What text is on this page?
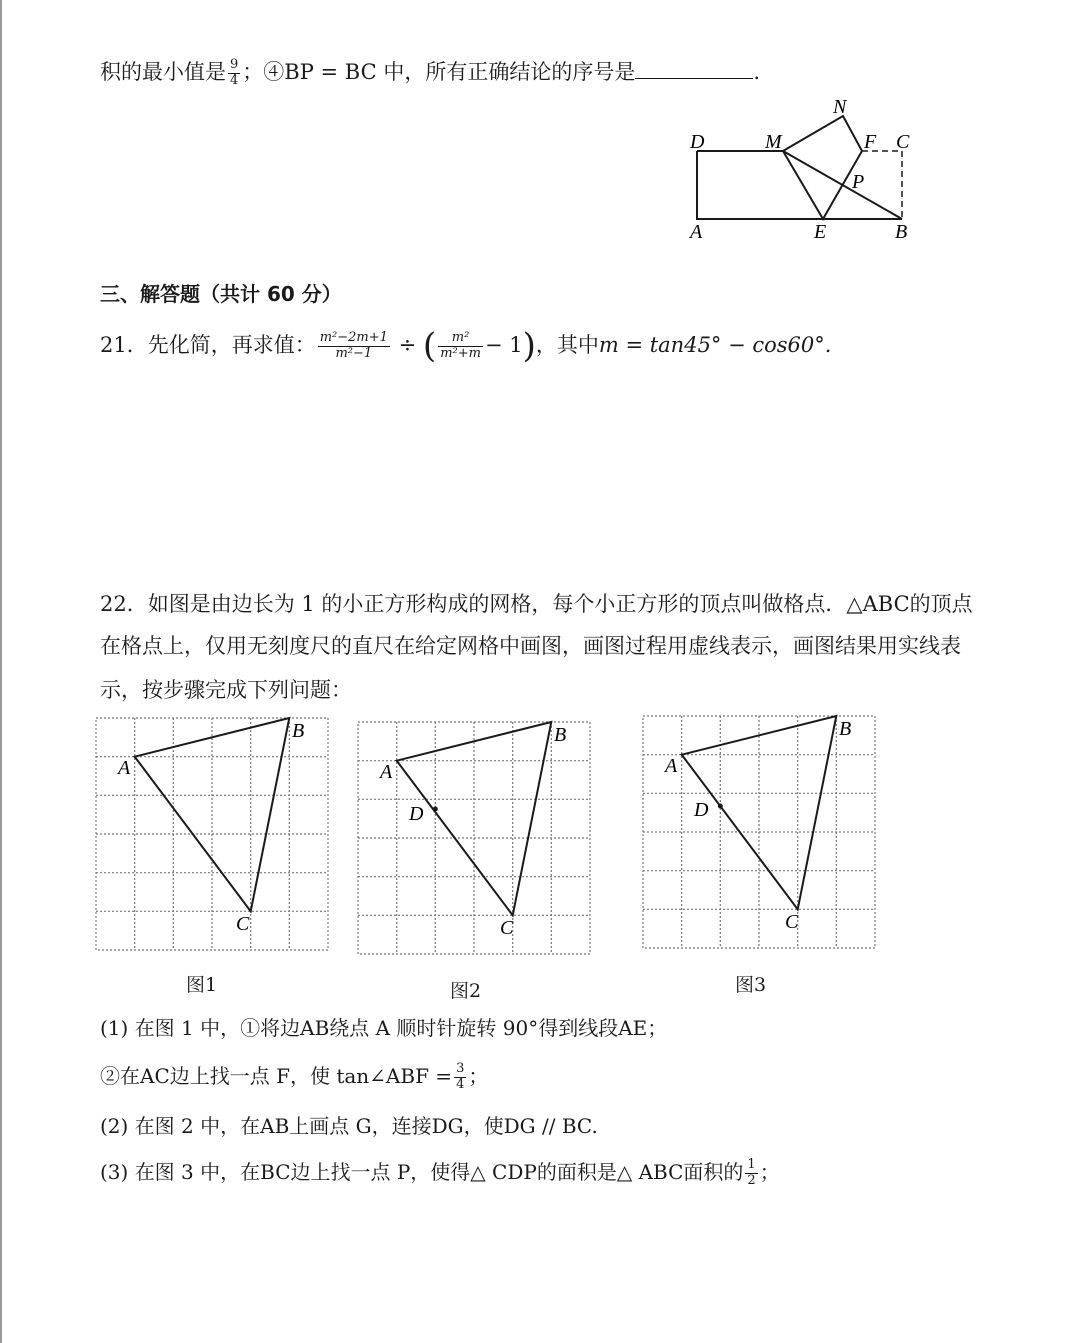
积的最小值是 $\frac{9}{4}$ ；④BP = BC 中，所有正确结论的序号是	.
D	M
N
F C
P
A	E	B
三、解答题（共计 60 分）
21．先化简，再求值： $\frac{\text{m²−2m+1}}{\text{m²−1}}$ ÷ ( $\frac{\text{m²}}{\text{m²+m}} - 1$)，其中m = tan45° − cos60°.
22．如图是由边长为 1 的小正方形构成的网格，每个小正方形的顶点叫做格点．△ABC的顶点
在格点上，仅用无刻度尺的直尺在给定网格中画图，画图过程用虚线表示，画图结果用实线表
示，按步骤完成下列问题：
A
B
C
图1
A
B
C
D
图2
A
B
C
D
图3
(1) 在图 1 中，①将边AB绕点 A 顺时针旋转 90°得到线段AE；
②在AC边上找一点 F，使 tan∠ABF = $\frac{3}{4}$ ；
(2) 在图 2 中，在AB上画点 G，连接DG，使DG // BC.
(3) 在图 3 中，在BC边上找一点 P，使得△ CDP的面积是△ ABC面积的 $\frac{1}{2}$ ；
